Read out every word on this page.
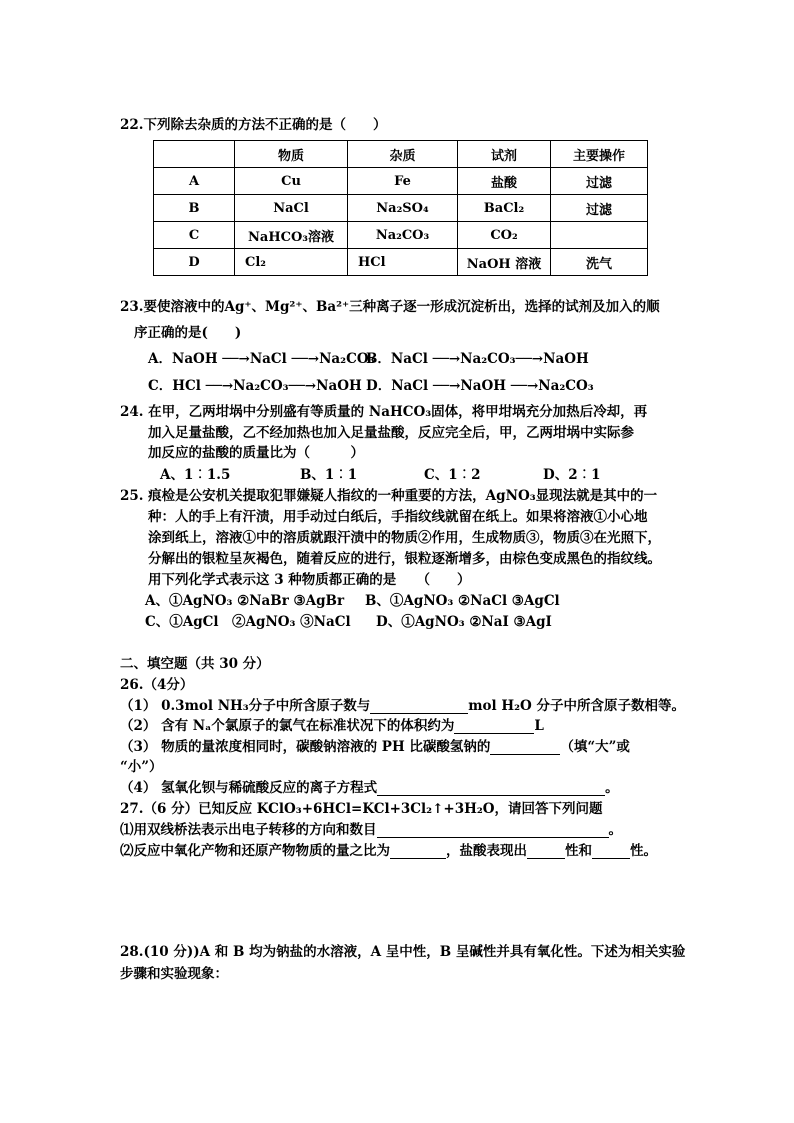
22.下列除去杂质的方法不正确的是（　　）
	物质	杂质	试剂	主要操作
A	Cu	Fe	盐酸	过滤
B	NaCl	Na₂SO₄	BaCl₂	过滤
C	NaHCO₃溶液	Na₂CO₃	CO₂	
D	Cl₂	HCl	NaOH 溶液	洗气
23.要使溶液中的Ag⁺、Mg²⁺、Ba²⁺三种离子逐一形成沉淀析出，选择的试剂及加入的顺
序正确的是(　　)
A．NaOH ──→NaCl ──→Na₂CO₃
B．NaCl ──→Na₂CO₃──→NaOH
C．HCl ──→Na₂CO₃──→NaOH D．NaCl ──→NaOH ──→Na₂CO₃
24. 在甲，乙两坩埚中分别盛有等质量的 NaHCO₃固体，将甲坩埚充分加热后冷却，再
加入足量盐酸，乙不经加热也加入足量盐酸，反应完全后，甲，乙两坩埚中实际参
加反应的盐酸的质量比为（　　　）
A、1︰1.5	B、1︰1	C、1︰2	D、2︰1
25. 痕检是公安机关提取犯罪嫌疑人指纹的一种重要的方法，AgNO₃显现法就是其中的一
种：人的手上有汗渍，用手动过白纸后，手指纹线就留在纸上。如果将溶液①小心地
涂到纸上，溶液①中的溶质就跟汗渍中的物质②作用，生成物质③，物质③在光照下，
分解出的银粒呈灰褐色，随着反应的进行，银粒逐渐增多，由棕色变成黑色的指纹线。
用下列化学式表示这 3 种物质都正确的是　　（　　）
A、①AgNO₃ ②NaBr ③AgBr B、①AgNO₃ ②NaCl ③AgCl
C、①AgCl　②AgNO₃ ③NaCl D、①AgNO₃ ②NaI ③AgI
二、填空题（共 30 分）
26.（4分）
（1） 0.3mol NH₃分子中所含原子数与	mol H₂O 分子中所含原子数相等。
（2） 含有 Nₐ个氯原子的氯气在标准状况下的体积约为	L
（3） 物质的量浓度相同时，碳酸钠溶液的 PH 比碳酸氢钠的	（填“大”或
“小”）
（4） 氢氧化钡与稀硫酸反应的离子方程式	。
27.（6 分）已知反应 KClO₃+6HCl=KCl+3Cl₂↑+3H₂O，请回答下列问题
⑴用双线桥法表示出电子转移的方向和数目	。
⑵反应中氧化产物和还原产物物质的量之比为	，盐酸表现出	性和	性。
28.(10 分))A 和 B 均为钠盐的水溶液，A 呈中性，B 呈碱性并具有氧化性。下述为相关实验
步骤和实验现象：
